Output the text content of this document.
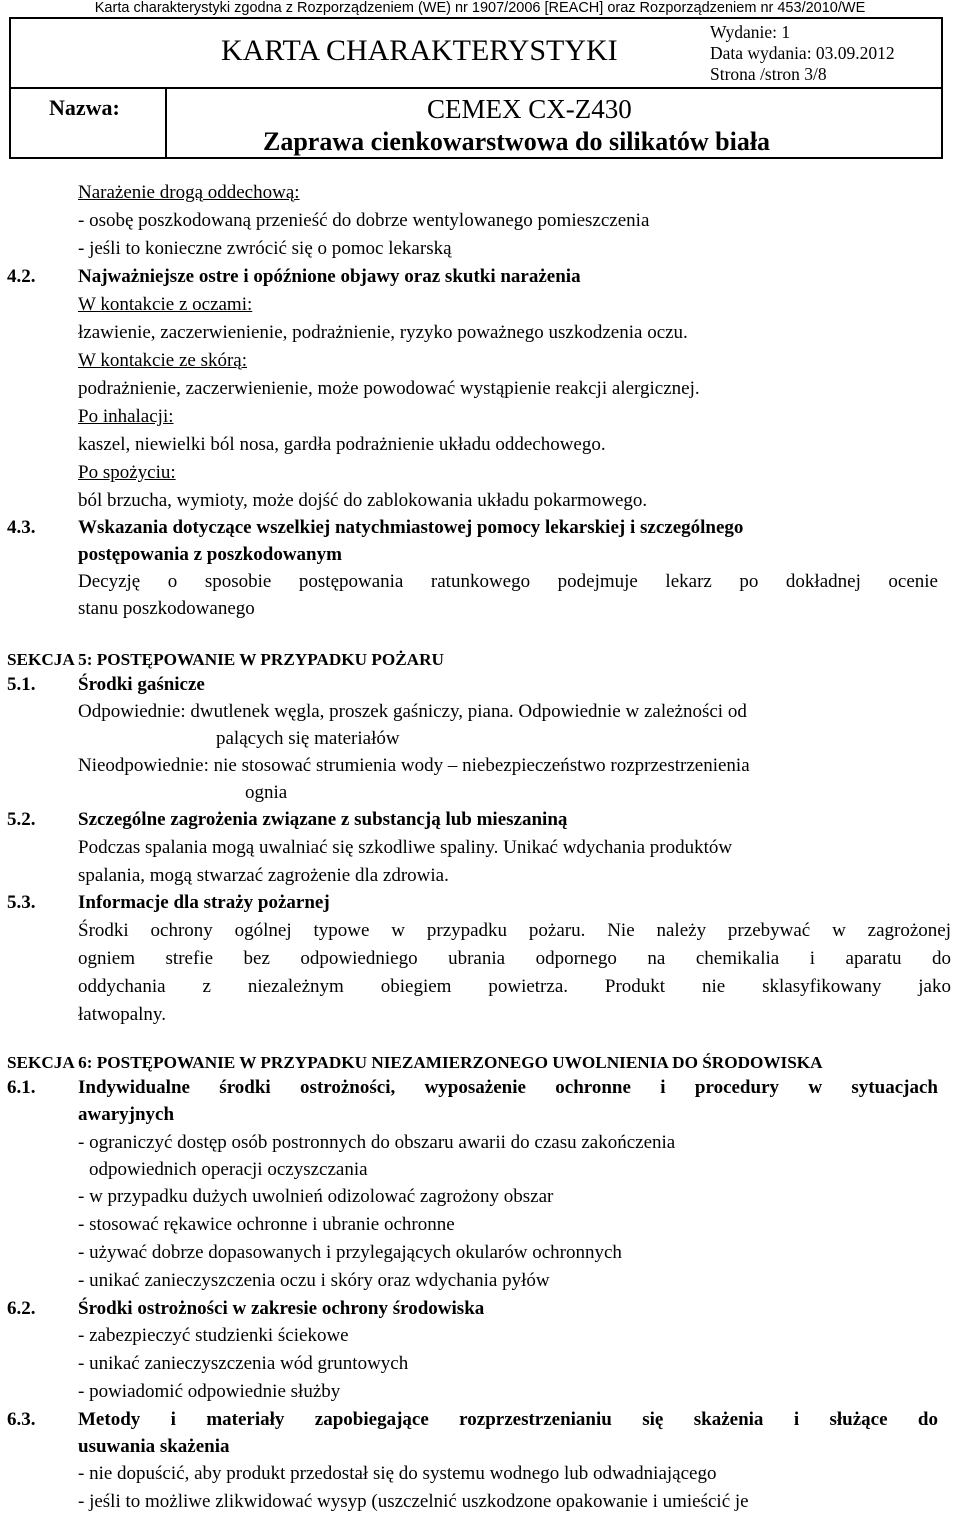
Karta charakterystyki zgodna z Rozporządzeniem (WE) nr 1907/2006 [REACH] oraz Rozporządzeniem nr 453/2010/WE
KARTA CHARAKTERYSTYKI
Wydanie: 1
Data wydania: 03.09.2012
Strona /stron 3/8
Nazwa:	CEMEX CX-Z430
Zaprawa cienkowarstwowa do silikatów biała
Narażenie drogą oddechową:
- osobę poszkodowaną przenieść do dobrze wentylowanego pomieszczenia
- jeśli to konieczne zwrócić się o pomoc lekarską
4.2. Najważniejsze ostre i opóźnione objawy oraz skutki narażenia
W kontakcie z oczami:
łzawienie, zaczerwienienie, podrażnienie, ryzyko poważnego uszkodzenia oczu.
W kontakcie ze skórą:
podrażnienie, zaczerwienienie, może powodować wystąpienie reakcji alergicznej.
Po inhalacji:
kaszel, niewielki ból nosa, gardła podrażnienie układu oddechowego.
Po spożyciu:
ból brzucha, wymioty, może dojść do zablokowania układu pokarmowego.
4.3. Wskazania dotyczące wszelkiej natychmiastowej pomocy lekarskiej i szczególnego
postępowania z poszkodowanym
Decyzję o sposobie postępowania ratunkowego podejmuje lekarz po dokładnej ocenie
stanu poszkodowanego
SEKCJA 5: POSTĘPOWANIE W PRZYPADKU POŻARU
5.1. Środki gaśnicze
Odpowiednie: dwutlenek węgla, proszek gaśniczy, piana. Odpowiednie w zależności od
palących się materiałów
Nieodpowiednie: nie stosować strumienia wody – niebezpieczeństwo rozprzestrzenienia
ognia
5.2. Szczególne zagrożenia związane z substancją lub mieszaniną
Podczas spalania mogą uwalniać się szkodliwe spaliny. Unikać wdychania produktów
spalania, mogą stwarzać zagrożenie dla zdrowia.
5.3. Informacje dla straży pożarnej
Środki ochrony ogólnej typowe w przypadku pożaru. Nie należy przebywać w zagrożonej
ogniem strefie bez odpowiedniego ubrania odpornego na chemikalia i aparatu do
oddychania z niezależnym obiegiem powietrza. Produkt nie sklasyfikowany jako
łatwopalny.
SEKCJA 6: POSTĘPOWANIE W PRZYPADKU NIEZAMIERZONEGO UWOLNIENIA DO ŚRODOWISKA
6.1. Indywidualne środki ostrożności, wyposażenie ochronne i procedury w sytuacjach
awaryjnych
- ograniczyć dostęp osób postronnych do obszaru awarii do czasu zakończenia
odpowiednich operacji oczyszczania
- w przypadku dużych uwolnień odizolować zagrożony obszar
- stosować rękawice ochronne i ubranie ochronne
- używać dobrze dopasowanych i przylegających okularów ochronnych
- unikać zanieczyszczenia oczu i skóry oraz wdychania pyłów
6.2. Środki ostrożności w zakresie ochrony środowiska
- zabezpieczyć studzienki ściekowe
- unikać zanieczyszczenia wód gruntowych
- powiadomić odpowiednie służby
6.3. Metody i materiały zapobiegające rozprzestrzenianiu się skażenia i służące do
usuwania skażenia
- nie dopuścić, aby produkt przedostał się do systemu wodnego lub odwadniającego
- jeśli to możliwe zlikwidować wysyp (uszczelnić uszkodzone opakowanie i umieścić je
